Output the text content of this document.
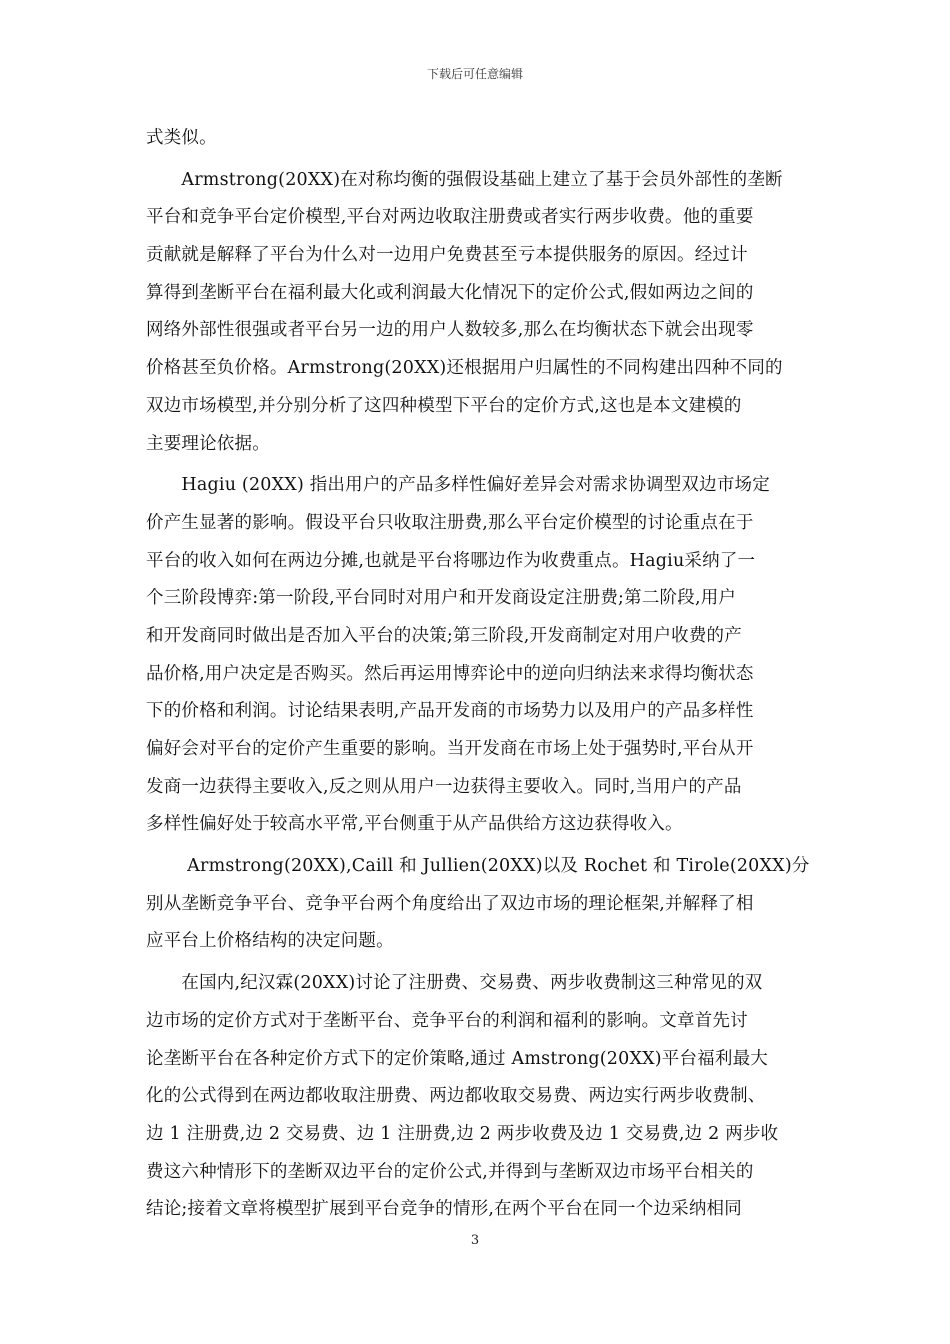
下载后可任意编辑
式类似。
　　Armstrong(20XX)在对称均衡的强假设基础上建立了基于会员外部性的垄断
平台和竞争平台定价模型,平台对两边收取注册费或者实行两步收费。他的重要
贡献就是解释了平台为什么对一边用户免费甚至亏本提供服务的原因。经过计
算得到垄断平台在福利最大化或利润最大化情况下的定价公式,假如两边之间的
网络外部性很强或者平台另一边的用户人数较多,那么在均衡状态下就会出现零
价格甚至负价格。Armstrong(20XX)还根据用户归属性的不同构建出四种不同的
双边市场模型,并分别分析了这四种模型下平台的定价方式,这也是本文建模的
主要理论依据。
　　Hagiu (20XX) 指出用户的产品多样性偏好差异会对需求协调型双边市场定
价产生显著的影响。假设平台只收取注册费,那么平台定价模型的讨论重点在于
平台的收入如何在两边分摊,也就是平台将哪边作为收费重点。Hagiu采纳了一
个三阶段博弈:第一阶段,平台同时对用户和开发商设定注册费;第二阶段,用户
和开发商同时做出是否加入平台的决策;第三阶段,开发商制定对用户收费的产
品价格,用户决定是否购买。然后再运用博弈论中的逆向归纳法来求得均衡状态
下的价格和利润。讨论结果表明,产品开发商的市场势力以及用户的产品多样性
偏好会对平台的定价产生重要的影响。当开发商在市场上处于强势时,平台从开
发商一边获得主要收入,反之则从用户一边获得主要收入。同时,当用户的产品
多样性偏好处于较高水平常,平台侧重于从产品供给方这边获得收入。
　　 Armstrong(20XX),Caill 和 Jullien(20XX)以及 Rochet 和 Tirole(20XX)分
别从垄断竞争平台、竞争平台两个角度给出了双边市场的理论框架,并解释了相
应平台上价格结构的决定问题。
　　在国内,纪汉霖(20XX)讨论了注册费、交易费、两步收费制这三种常见的双
边市场的定价方式对于垄断平台、竞争平台的利润和福利的影响。文章首先讨
论垄断平台在各种定价方式下的定价策略,通过 Amstrong(20XX)平台福利最大
化的公式得到在两边都收取注册费、两边都收取交易费、两边实行两步收费制、
边 1 注册费,边 2 交易费、边 1 注册费,边 2 两步收费及边 1 交易费,边 2 两步收
费这六种情形下的垄断双边平台的定价公式,并得到与垄断双边市场平台相关的
结论;接着文章将模型扩展到平台竞争的情形,在两个平台在同一个边采纳相同
3
